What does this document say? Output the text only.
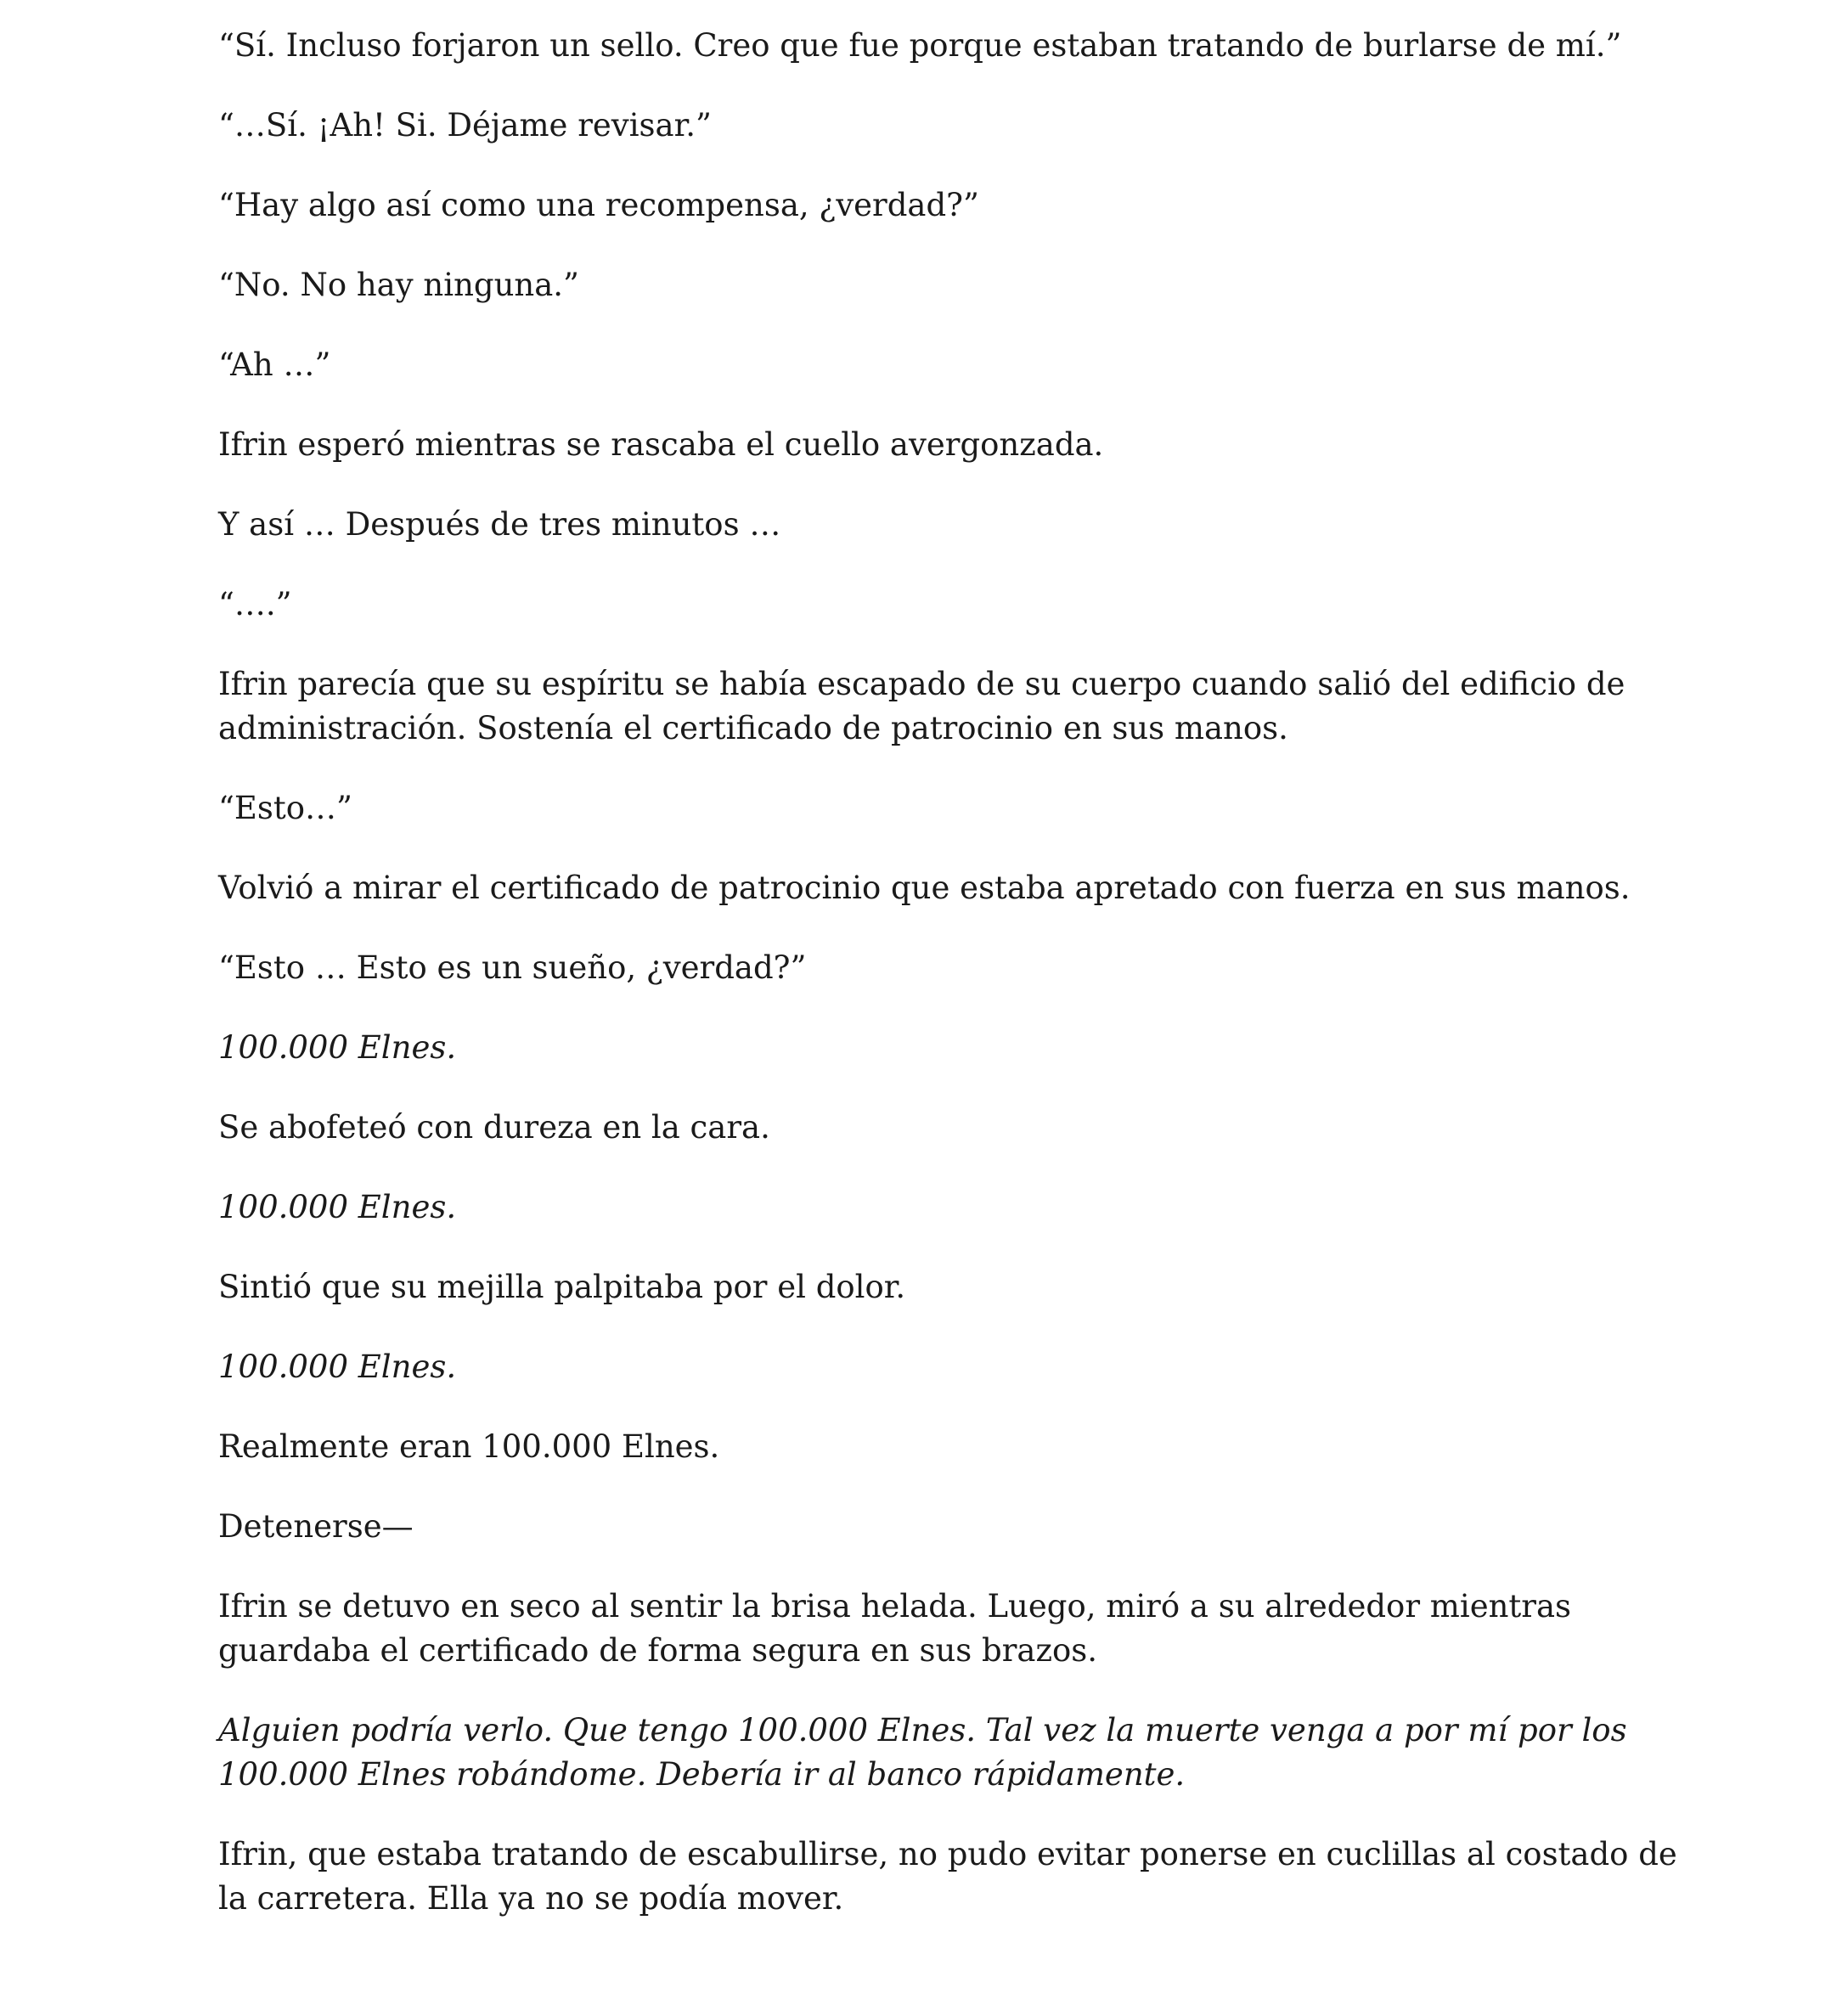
“Sí. Incluso forjaron un sello. Creo que fue porque estaban tratando de burlarse de mí.”

“…Sí. ¡Ah! Si. Déjame revisar.”

“Hay algo así como una recompensa, ¿verdad?”

“No. No hay ninguna.”

“Ah …”

Ifrin esperó mientras se rascaba el cuello avergonzada.

Y así … Después de tres minutos …

“….”

Ifrin parecía que su espíritu se había escapado de su cuerpo cuando salió del edificio de administración. Sostenía el certificado de patrocinio en sus manos.

“Esto…”

Volvió a mirar el certificado de patrocinio que estaba apretado con fuerza en sus manos.

“Esto … Esto es un sueño, ¿verdad?”

100.000 Elnes.

Se abofeteó con dureza en la cara.

100.000 Elnes.

Sintió que su mejilla palpitaba por el dolor.

100.000 Elnes.

Realmente eran 100.000 Elnes.

Detenerse—

Ifrin se detuvo en seco al sentir la brisa helada. Luego, miró a su alrededor mientras guardaba el certificado de forma segura en sus brazos.

Alguien podría verlo. Que tengo 100.000 Elnes. Tal vez la muerte venga a por mí por los 100.000 Elnes robándome. Debería ir al banco rápidamente.

Ifrin, que estaba tratando de escabullirse, no pudo evitar ponerse en cuclillas al costado de la carretera. Ella ya no se podía mover.
